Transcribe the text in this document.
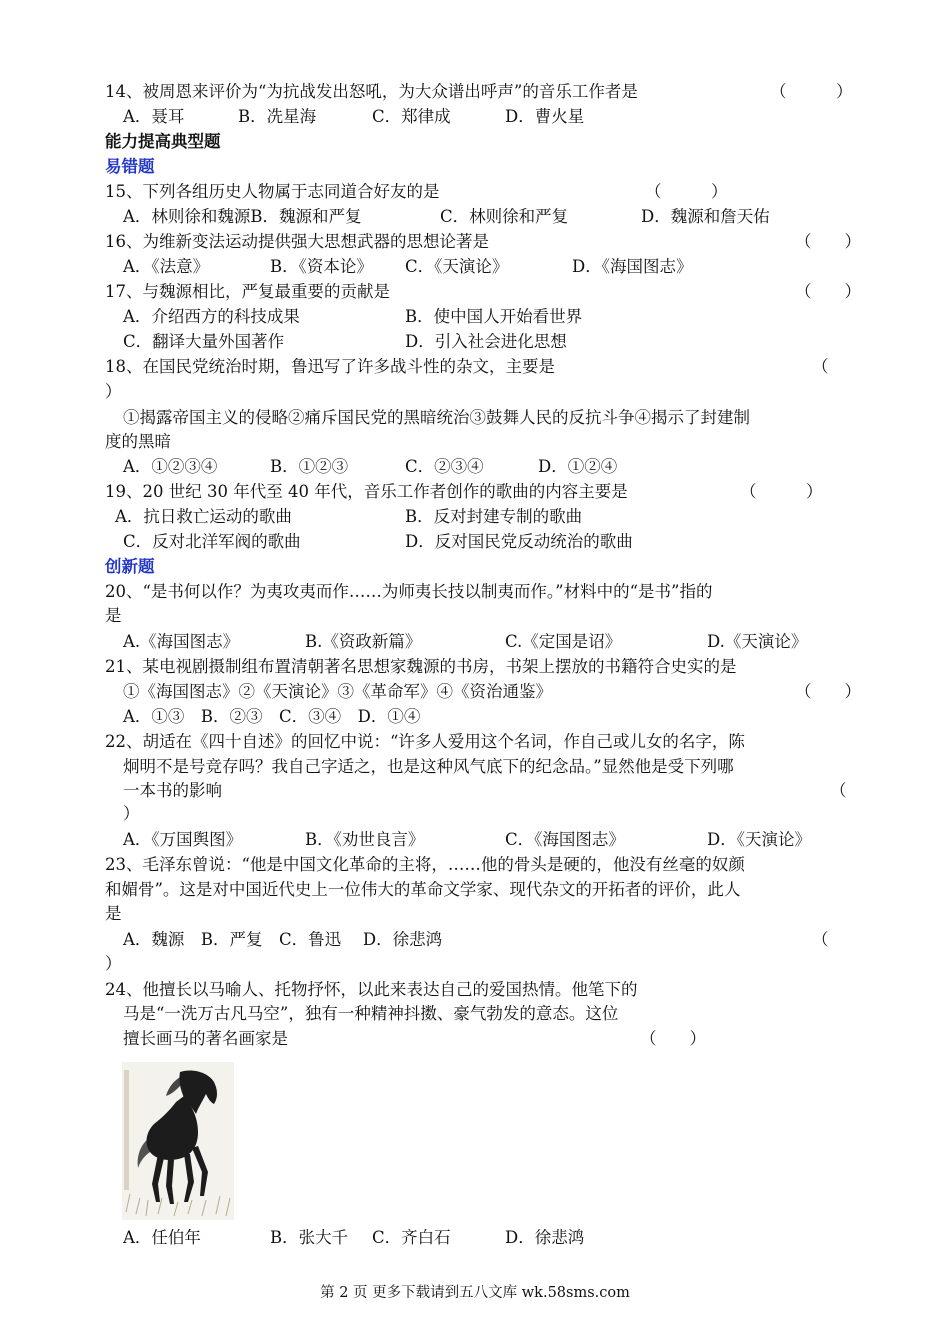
14、被周恩来评价为“为抗战发出怒吼，为大众谱出呼声”的音乐工作者是	（　　　）
A．聂耳	B．冼星海	C．郑律成	D．曹火星
能力提高典型题
易错题
15、下列各组历史人物属于志同道合好友的是	（　　　）
A．林则徐和魏源B．魏源和严复	C．林则徐和严复	D．魏源和詹天佑
16、为维新变法运动提供强大思想武器的思想论著是	（　　）
A．《法意》	B．《资本论》 C．《天演论》	D．《海国图志》
17、与魏源相比，严复最重要的贡献是	（　　）
A．介绍西方的科技成果	B．使中国人开始看世界
C．翻译大量外国著作	D．引入社会进化思想
18、在国民党统治时期，鲁迅写了许多战斗性的杂文，主要是	（
）
①揭露帝国主义的侵略②痛斥国民党的黑暗统治③鼓舞人民的反抗斗争④揭示了封建制
度的黑暗
A．①②③④	B．①②③	C．②③④	D．①②④
19、20 世纪 30 年代至 40 年代，音乐工作者创作的歌曲的内容主要是	（　　　）
A．抗日救亡运动的歌曲	B．反对封建专制的歌曲
C．反对北洋军阀的歌曲	D．反对国民党反动统治的歌曲
创新题
20、“是书何以作？为夷攻夷而作……为师夷长技以制夷而作。”材料中的“是书”指的
是
A.《海国图志》	B.《资政新篇》	C.《定国是诏》	D.《天演论》
21、某电视剧摄制组布置清朝著名思想家魏源的书房，书架上摆放的书籍符合史实的是
①《海国图志》②《天演论》③《革命军》④《资治通鉴》	（　　）
A．①③　B．②③　C．③④　D．①④
22、胡适在《四十自述》的回忆中说：“许多人爱用这个名词，作自己或儿女的名字，陈
炯明不是号竞存吗？我自己字适之，也是这种风气底下的纪念品。”显然他是受下列哪
一本书的影响	（
）
A．《万国舆图》	B．《劝世良言》	C．《海国图志》	D．《天演论》
23、毛泽东曾说：“他是中国文化革命的主将，……他的骨头是硬的，他没有丝毫的奴颜
和媚骨”。这是对中国近代史上一位伟大的革命文学家、现代杂文的开拓者的评价，此人
是
A．魏源　B．严复　C．鲁迅　 D．徐悲鸿	（
）
24、他擅长以马喻人、托物抒怀，以此来表达自己的爱国热情。他笔下的
马是“一洗万古凡马空”，独有一种精神抖擞、豪气勃发的意态。这位
擅长画马的著名画家是	（　　）
A．任伯年	B．张大千 C．齐白石	D．徐悲鸿
第 2 页 更多下载请到五八文库 wk.58sms.com
